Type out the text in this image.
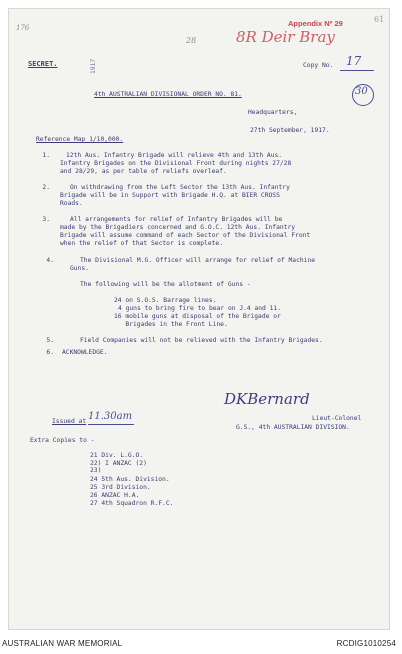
Appendix Nº 29	61
8R Deir Bray
176
28
SECRET.	Copy No. 17
1917
30
4th AUSTRALIAN DIVISIONAL ORDER NO. 81.
Headquarters,
27th September, 1917.
Reference Map 1/10,000.
1.	12th Aus. Infantry Brigade will relieve 4th and 13th Aus.
Infantry Brigades on the Divisional Front during nights 27/28
and 28/29, as per table of reliefs overleaf.
2.	On withdrawing from the Left Sector the 13th Aus. Infantry
Brigade will be in Support with Brigade H.Q. at BIER CROSS
Roads.
3.	All arrangements for relief of Infantry Brigades will be
made by the Brigadiers concerned and G.O.C. 12th Aus. Infantry
Brigade will assume command of each Sector of the Divisional Front
when the relief of that Sector is complete.
4.	The Divisional M.G. Officer will arrange for relief of Machine
Guns.
The following will be the allotment of Guns -
24 on S.O.S. Barrage lines.
4 guns to bring fire to bear on J.4 and 11.
16 mobile guns at disposal of the Brigade or
Brigades in the Front Line.
5.	Field Companies will not be relieved with the Infantry Brigades.
6. ACKNOWLEDGE.
DKBernard
Lieut-Colonel
G.S., 4th AUSTRALIAN DIVISION.
Issued at 11.30am
Extra Copies to -
21 Div. L.G.O.
22) I ANZAC (2)
23)
24 5th Aus. Division.
25 3rd Division.
26 ANZAC H.A.
27 4th Squadron R.F.C.
AUSTRALIAN WAR MEMORIAL	RCDIG1010254
